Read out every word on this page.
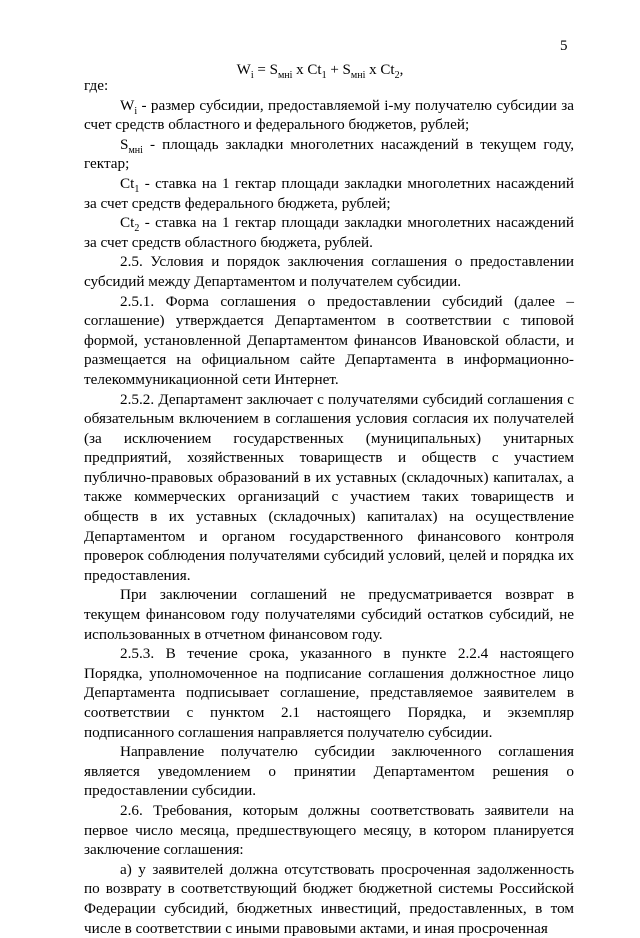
5
$W_i = S_{мнi}$ x $Ct_1 + S_{мнi}$ x $Ct_2$,

где:

$W_i$ - размер субсидии, предоставляемой i-му получателю субсидии за счет средств областного и федерального бюджетов, рублей;

$S_{мнi}$ - площадь закладки многолетних насаждений в текущем году, гектар;

$Ct_1$ - ставка на 1 гектар площади закладки многолетних насаждений за счет средств федерального бюджета, рублей;

$Ct_2$ - ставка на 1 гектар площади закладки многолетних насаждений за счет средств областного бюджета, рублей.

2.5. Условия и порядок заключения соглашения о предоставлении субсидий между Департаментом и получателем субсидии.

2.5.1. Форма соглашения о предоставлении субсидий (далее – соглашение) утверждается Департаментом в соответствии с типовой формой, установленной Департаментом финансов Ивановской области, и размещается на официальном сайте Департамента в информационно-телекоммуникационной сети Интернет.

2.5.2. Департамент заключает с получателями субсидий соглашения с обязательным включением в соглашения условия согласия их получателей (за исключением государственных (муниципальных) унитарных предприятий, хозяйственных товариществ и обществ с участием публично-правовых образований в их уставных (складочных) капиталах, а также коммерческих организаций с участием таких товариществ и обществ в их уставных (складочных) капиталах) на осуществление Департаментом и органом государственного финансового контроля проверок соблюдения получателями субсидий условий, целей и порядка их предоставления.

При заключении соглашений не предусматривается возврат в текущем финансовом году получателями субсидий остатков субсидий, не использованных в отчетном финансовом году.

2.5.3. В течение срока, указанного в пункте 2.2.4 настоящего Порядка, уполномоченное на подписание соглашения должностное лицо Департамента подписывает соглашение, представляемое заявителем в соответствии с пунктом 2.1 настоящего Порядка, и экземпляр подписанного соглашения направляется получателю субсидии.

Направление получателю субсидии заключенного соглашения является уведомлением о принятии Департаментом решения о предоставлении субсидии.

2.6. Требования, которым должны соответствовать заявители на первое число месяца, предшествующего месяцу, в котором планируется заключение соглашения:

а) у заявителей должна отсутствовать просроченная задолженность по возврату в соответствующий бюджет бюджетной системы Российской Федерации субсидий, бюджетных инвестиций, предоставленных, в том числе в соответствии с иными правовыми актами, и иная просроченная
